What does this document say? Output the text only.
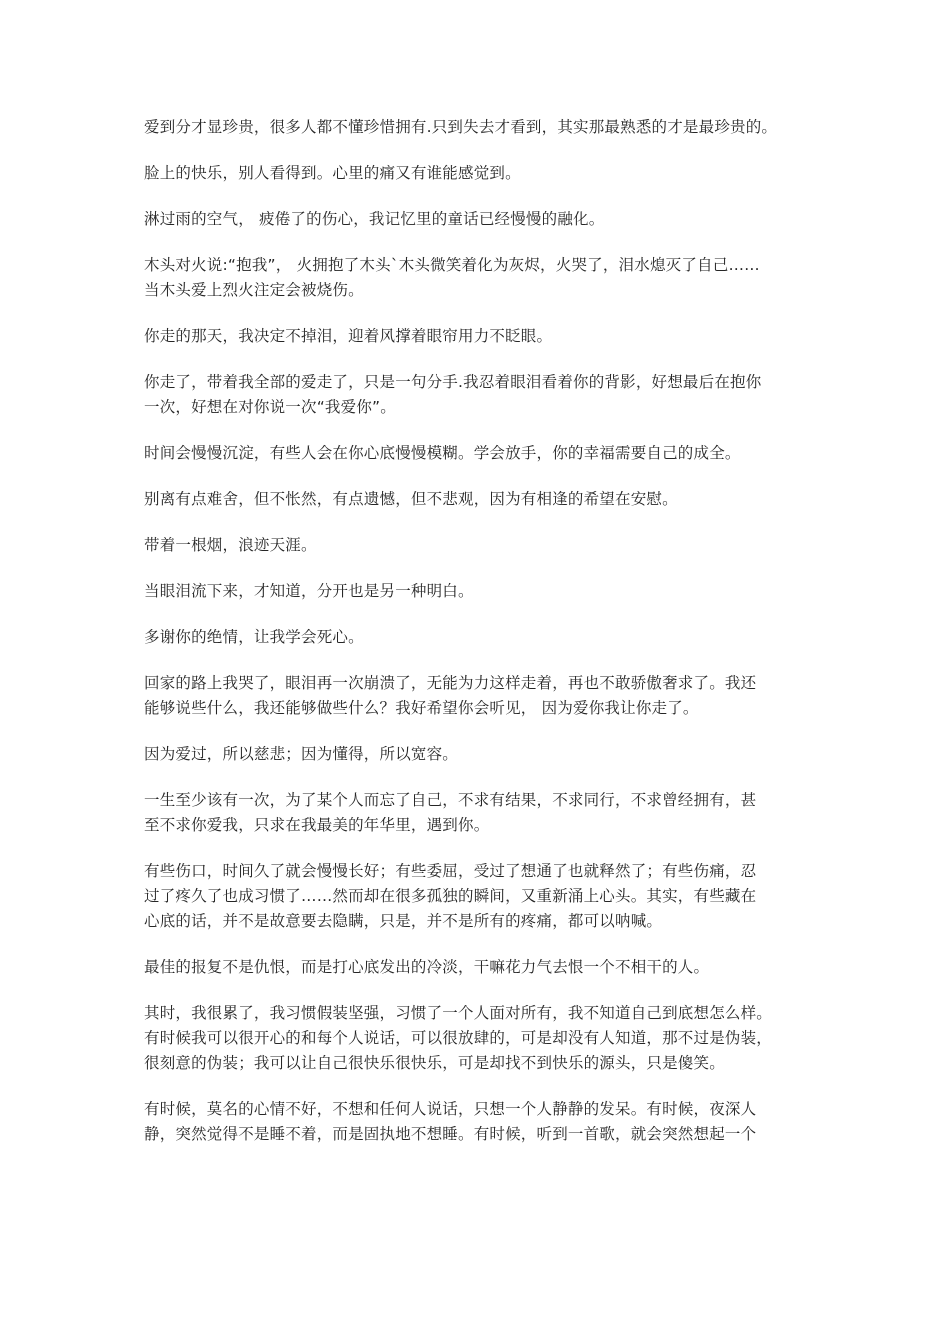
爱到分才显珍贵，很多人都不懂珍惜拥有.只到失去才看到，其实那最熟悉的才是最珍贵的。

脸上的快乐，别人看得到。心里的痛又有谁能感觉到。

淋过雨的空气， 疲倦了的伤心，我记忆里的童话已经慢慢的融化。

木头对火说:“抱我”， 火拥抱了木头`木头微笑着化为灰烬，火哭了，泪水熄灭了自己……
当木头爱上烈火注定会被烧伤。

你走的那天，我决定不掉泪，迎着风撑着眼帘用力不眨眼。

你走了，带着我全部的爱走了，只是一句分手.我忍着眼泪看着你的背影，好想最后在抱你
一次，好想在对你说一次“我爱你”。

时间会慢慢沉淀，有些人会在你心底慢慢模糊。学会放手，你的幸福需要自己的成全。

别离有点难舍，但不怅然，有点遗憾，但不悲观，因为有相逢的希望在安慰。

带着一根烟，浪迹天涯。

当眼泪流下来，才知道，分开也是另一种明白。

多谢你的绝情，让我学会死心。

回家的路上我哭了，眼泪再一次崩溃了，无能为力这样走着，再也不敢骄傲奢求了。我还
能够说些什么，我还能够做些什么？我好希望你会听见， 因为爱你我让你走了。

因为爱过，所以慈悲；因为懂得，所以宽容。

一生至少该有一次，为了某个人而忘了自己，不求有结果，不求同行，不求曾经拥有，甚
至不求你爱我，只求在我最美的年华里，遇到你。

有些伤口，时间久了就会慢慢长好；有些委屈，受过了想通了也就释然了；有些伤痛，忍
过了疼久了也成习惯了……然而却在很多孤独的瞬间，又重新涌上心头。其实，有些藏在
心底的话，并不是故意要去隐瞒，只是，并不是所有的疼痛，都可以呐喊。

最佳的报复不是仇恨，而是打心底发出的冷淡，干嘛花力气去恨一个不相干的人。

其时，我很累了，我习惯假装坚强，习惯了一个人面对所有，我不知道自己到底想怎么样。
有时候我可以很开心的和每个人说话，可以很放肆的，可是却没有人知道，那不过是伪装，
很刻意的伪装；我可以让自己很快乐很快乐，可是却找不到快乐的源头，只是傻笑。

有时候，莫名的心情不好，不想和任何人说话，只想一个人静静的发呆。有时候，夜深人
静，突然觉得不是睡不着，而是固执地不想睡。有时候，听到一首歌，就会突然想起一个
